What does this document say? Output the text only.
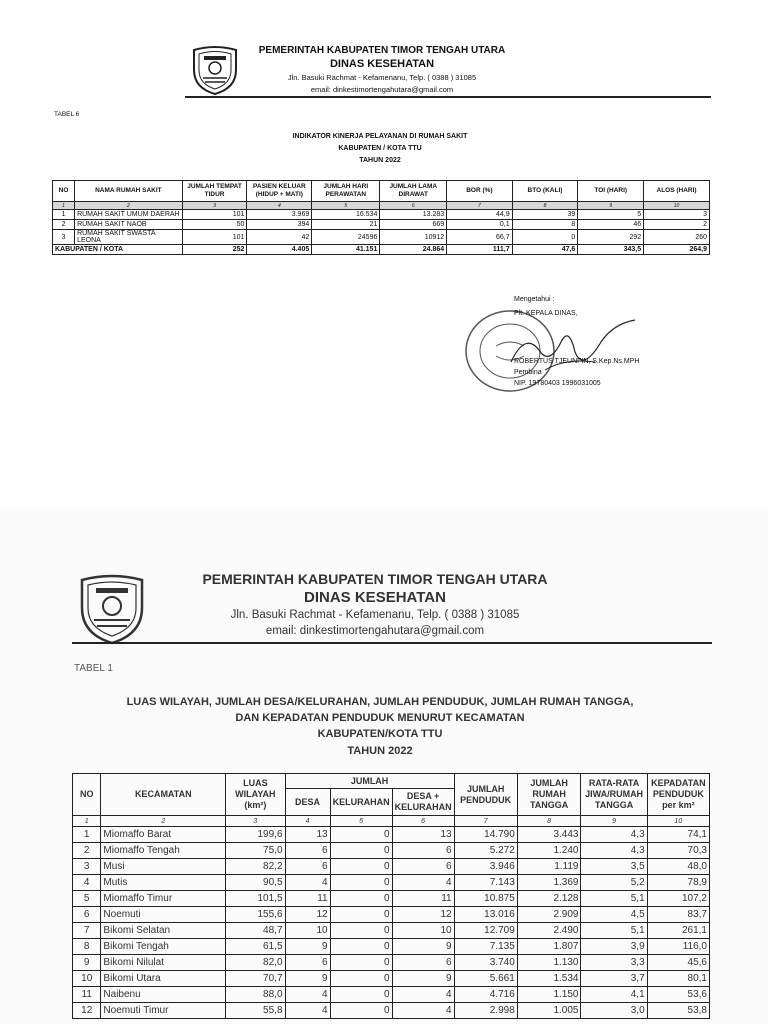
PEMERINTAH KABUPATEN TIMOR TENGAH UTARA
DINAS KESEHATAN
Jln. Basuki Rachmat - Kefamenanu, Telp. ( 0388 ) 31085
email: dinkestimortengahutara@gmail.com
TABEL 6
INDIKATOR KINERJA PELAYANAN DI RUMAH SAKIT
KABUPATEN / KOTA TTU
TAHUN 2022
NO	NAMA RUMAH SAKIT	JUMLAH TEMPAT TIDUR	PASIEN KELUAR (HIDUP + MATI)	JUMLAH HARI PERAWATAN	JUMLAH LAMA DIRAWAT	BOR (%)	BTO (KALI)	TOI (HARI)	ALOS (HARI)
1	2	3	4	5	6	7	8	9	10
1	RUMAH SAKIT UMUM DAERAH	101	3.969	16.534	13.283	44,9	39	5	3
2	RUMAH SAKIT NAOB	50	394	21	669	0,1	8	46	2
3	RUMAH SAKIT SWASTA LEONA	101	42	24596	10912	66,7	0	292	260
KABUPATEN / KOTA		252	4.405	41.151	24.864	111,7	47,6	343,5	264,9
Mengetahui :
Plt. KEPALA DINAS,
ROBERTUS TJEUNFIN, S.Kep.Ns.MPH
Pembina
NIP. 19780403 1996031005
PEMERINTAH KABUPATEN TIMOR TENGAH UTARA
DINAS KESEHATAN
Jln. Basuki Rachmat - Kefamenanu, Telp. ( 0388 ) 31085
email: dinkestimortengahutara@gmail.com
TABEL 1
LUAS WILAYAH, JUMLAH DESA/KELURAHAN, JUMLAH PENDUDUK, JUMLAH RUMAH TANGGA,
DAN KEPADATAN PENDUDUK MENURUT KECAMATAN
KABUPATEN/KOTA TTU
TAHUN 2022
NO	KECAMATAN	LUAS WILAYAH (km²)	JUMLAH			JUMLAH PENDUDUK	JUMLAH RUMAH TANGGA	RATA-RATA JIWA/RUMAH TANGGA	KEPADATAN PENDUDUK per km²
			DESA	KELURAHAN	DESA + KELURAHAN				
1	2	3	4	5	6	7	8	9	10
1	Miomaffo Barat	199,6	13	0	13	14.790	3.443	4,3	74,1
2	Miomaffo Tengah	75,0	6	0	6	5.272	1.240	4,3	70,3
3	Musi	82,2	6	0	6	3.946	1.119	3,5	48,0
4	Mutis	90,5	4	0	4	7.143	1.369	5,2	78,9
5	Miomaffo Timur	101,5	11	0	11	10.875	2.128	5,1	107,2
6	Noemuti	155,6	12	0	12	13.016	2.909	4,5	83,7
7	Bikomi Selatan	48,7	10	0	10	12.709	2.490	5,1	261,1
8	Bikomi Tengah	61,5	9	0	9	7.135	1.807	3,9	116,0
9	Bikomi Nilulat	82,0	6	0	6	3.740	1.130	3,3	45,6
10	Bikomi Utara	70,7	9	0	9	5.661	1.534	3,7	80,1
11	Naibenu	88,0	4	0	4	4.716	1.150	4,1	53,6
12	Noemuti Timur	55,8	4	0	4	2.998	1.005	3,0	53,8
